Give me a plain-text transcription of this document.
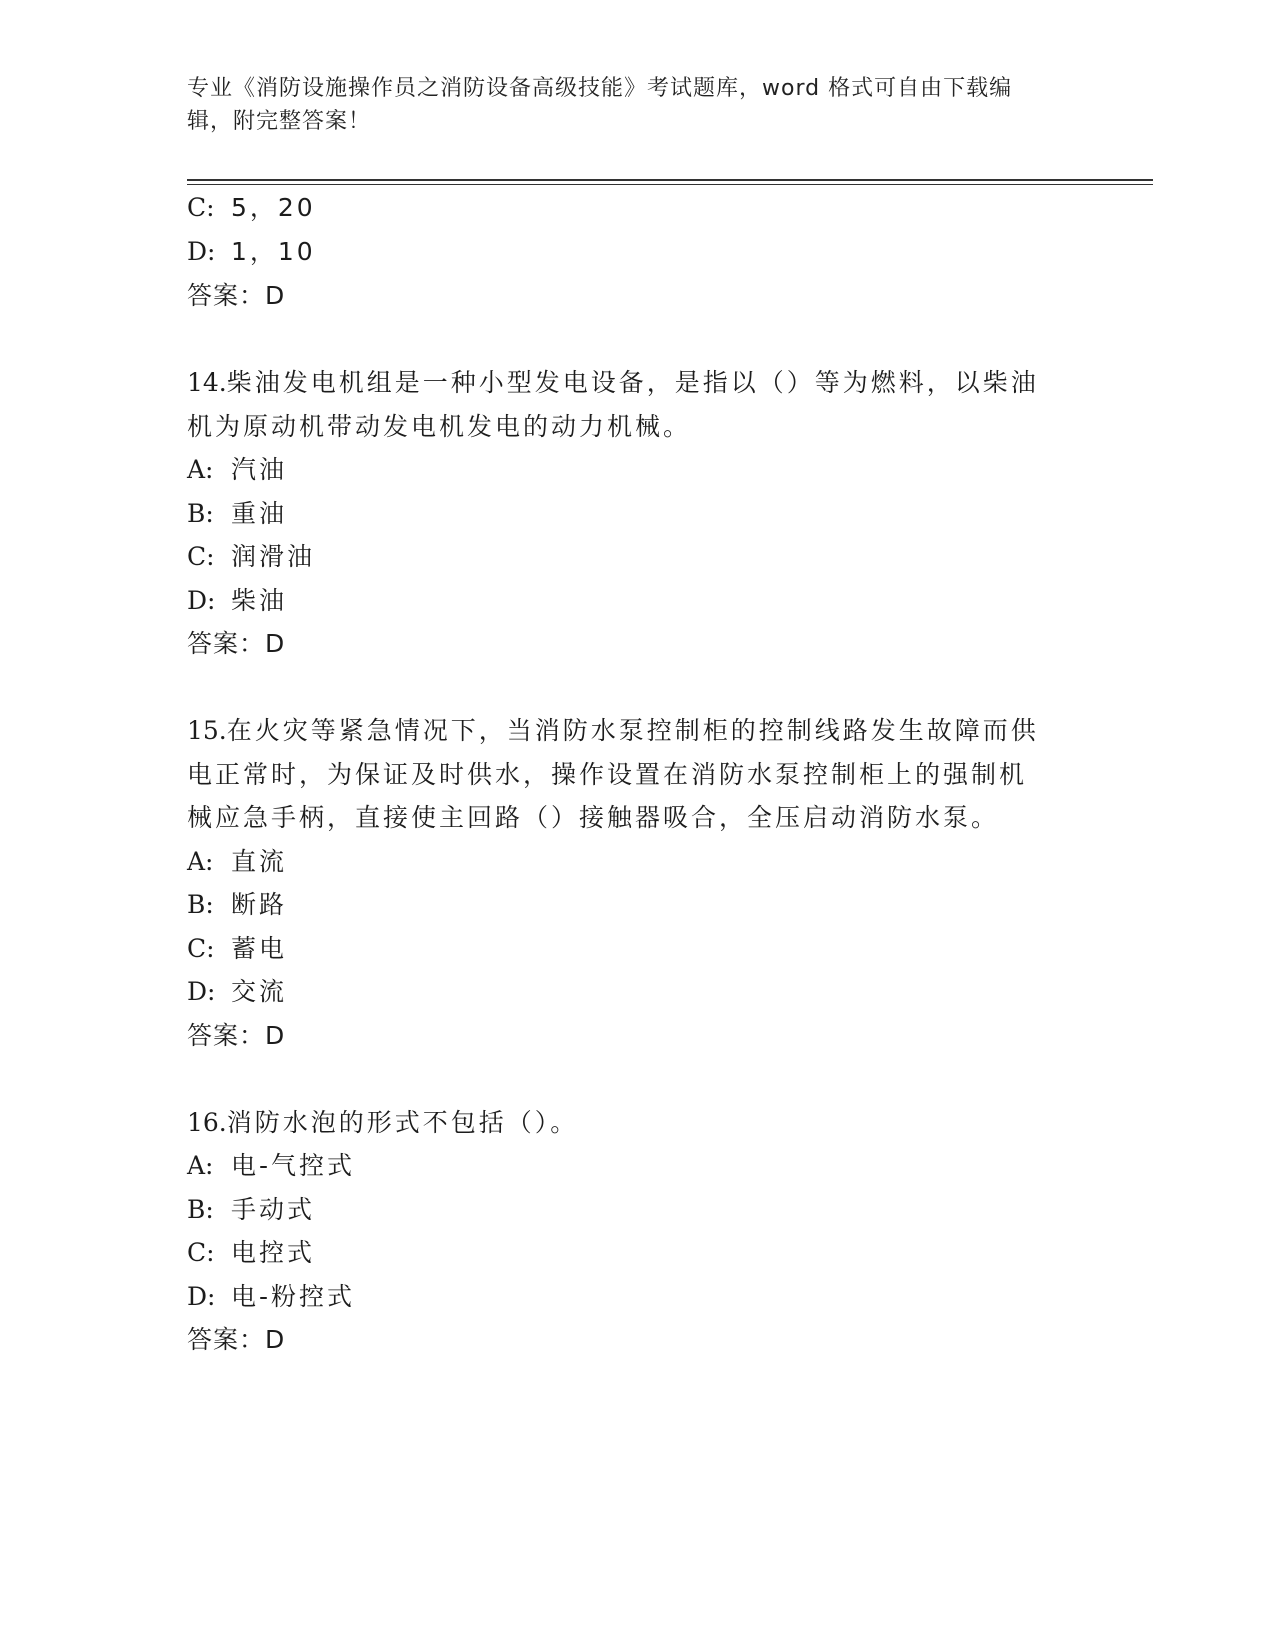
专业《消防设施操作员之消防设备高级技能》考试题库，word 格式可自由下载编
辑，附完整答案！
C: 5，20
D: 1，10
答案：D
14.柴油发电机组是一种小型发电设备，是指以（）等为燃料，以柴油
机为原动机带动发电机发电的动力机械。
A: 汽油
B: 重油
C: 润滑油
D: 柴油
答案：D
15.在火灾等紧急情况下，当消防水泵控制柜的控制线路发生故障而供
电正常时，为保证及时供水，操作设置在消防水泵控制柜上的强制机
械应急手柄，直接使主回路（）接触器吸合，全压启动消防水泵。
A: 直流
B: 断路
C: 蓄电
D: 交流
答案：D
16.消防水泡的形式不包括（）。
A: 电-气控式
B: 手动式
C: 电控式
D: 电-粉控式
答案：D
